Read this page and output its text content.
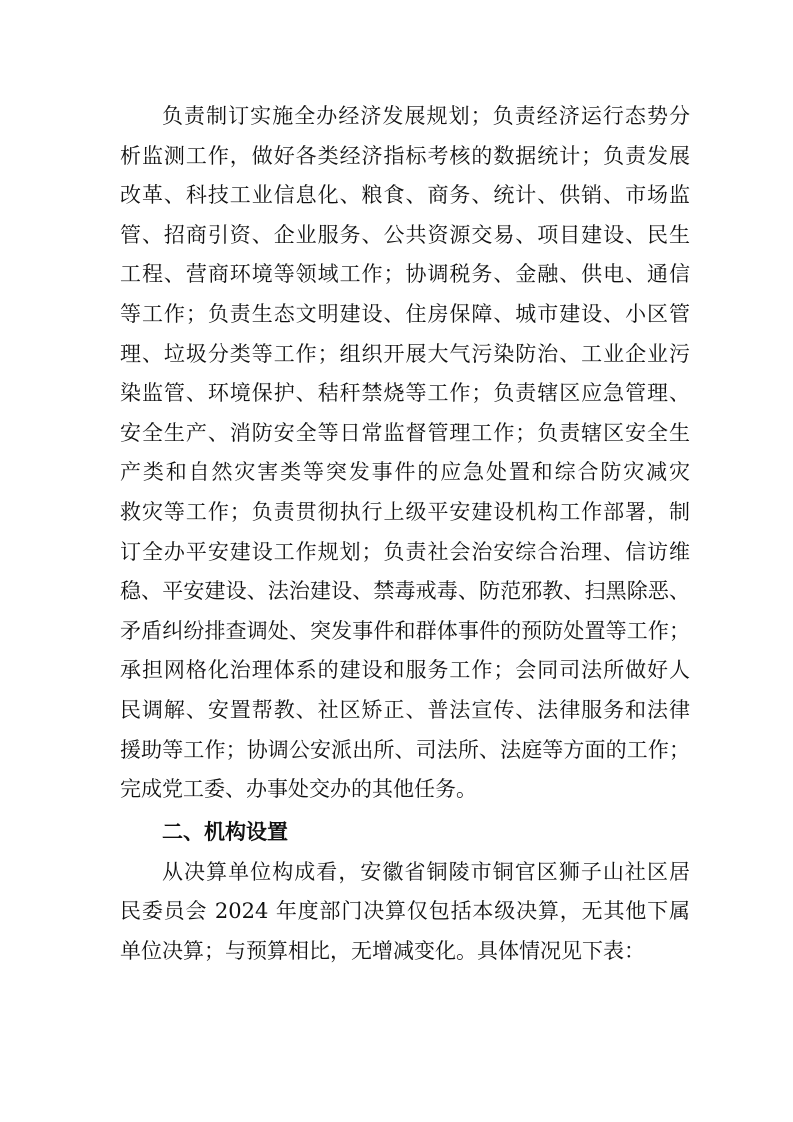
负责制订实施全办经济发展规划；负责经济运行态势分
析监测工作，做好各类经济指标考核的数据统计；负责发展
改革、科技工业信息化、粮食、商务、统计、供销、市场监
管、招商引资、企业服务、公共资源交易、项目建设、民生
工程、营商环境等领域工作；协调税务、金融、供电、通信
等工作；负责生态文明建设、住房保障、城市建设、小区管
理、垃圾分类等工作；组织开展大气污染防治、工业企业污
染监管、环境保护、秸秆禁烧等工作；负责辖区应急管理、
安全生产、消防安全等日常监督管理工作；负责辖区安全生
产类和自然灾害类等突发事件的应急处置和综合防灾减灾
救灾等工作；负责贯彻执行上级平安建设机构工作部署，制
订全办平安建设工作规划；负责社会治安综合治理、信访维
稳、平安建设、法治建设、禁毒戒毒、防范邪教、扫黑除恶、
矛盾纠纷排查调处、突发事件和群体事件的预防处置等工作；
承担网格化治理体系的建设和服务工作；会同司法所做好人
民调解、安置帮教、社区矫正、普法宣传、法律服务和法律
援助等工作；协调公安派出所、司法所、法庭等方面的工作；
完成党工委、办事处交办的其他任务。
二、机构设置
从决算单位构成看，安徽省铜陵市铜官区狮子山社区居
民委员会 2024 年度部门决算仅包括本级决算，无其他下属
单位决算；与预算相比，无增减变化。具体情况见下表：
